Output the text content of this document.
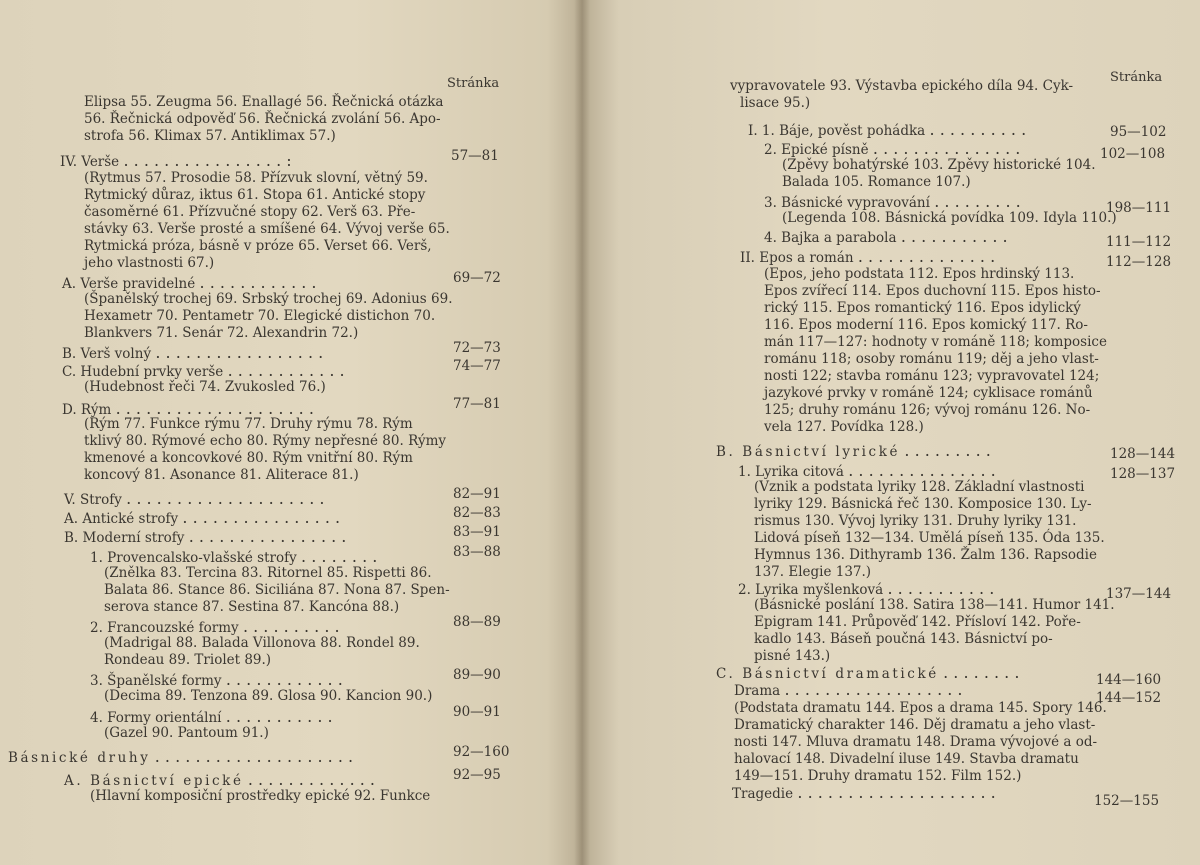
Stránka
Elipsa 55. Zeugma 56. Enallagé 56. Řečnická otázka
56. Řečnická odpověď 56. Řečnická zvolání 56. Apo-
strofa 56. Klimax 57. Antiklimax 57.)
IV. Verše . . . . . . . . . . . . . . . . :	57—81
(Rytmus 57. Prosodie 58. Přízvuk slovní, větný 59.
Rytmický důraz, iktus 61. Stopa 61. Antické stopy
časoměrné 61. Přízvučné stopy 62. Verš 63. Pře-
stávky 63. Verše prosté a smíšené 64. Vývoj verše 65.
Rytmická próza, básně v próze 65. Verset 66. Verš,
jeho vlastnosti 67.)
A. Verše pravidelné . . . . . . . . . . . .	69—72
(Španělský trochej 69. Srbský trochej 69. Adonius 69.
Hexametr 70. Pentametr 70. Elegické distichon 70.
Blankvers 71. Senár 72. Alexandrin 72.)
B. Verš volný . . . . . . . . . . . . . . . . .	72—73
C. Hudební prvky verše . . . . . . . . . . . .	74—77
(Hudebnost řeči 74. Zvukosled 76.)
D. Rým . . . . . . . . . . . . . . . . . . . .	77—81
(Rým 77. Funkce rýmu 77. Druhy rýmu 78. Rým
tklivý 80. Rýmové echo 80. Rýmy nepřesné 80. Rýmy
kmenové a koncovkové 80. Rým vnitřní 80. Rým
koncový 81. Asonance 81. Aliterace 81.)
V. Strofy . . . . . . . . . . . . . . . . . . . .	82—91
A. Antické strofy . . . . . . . . . . . . . . . .	82—83
B. Moderní strofy . . . . . . . . . . . . . . . .	83—91
1. Provencalsko-vlašské strofy . . . . . . . .	83—88
(Znělka 83. Tercina 83. Ritornel 85. Rispetti 86.
Balata 86. Stance 86. Siciliána 87. Nona 87. Spen-
serova stance 87. Sestina 87. Kancóna 88.)
2. Francouzské formy . . . . . . . . . .	88—89
(Madrigal 88. Balada Villonova 88. Rondel 89.
Rondeau 89. Triolet 89.)
3. Španělské formy . . . . . . . . . . . .	89—90
(Decima 89. Tenzona 89. Glosa 90. Kancion 90.)
4. Formy orientální . . . . . . . . . . .	90—91
(Gazel 90. Pantoum 91.)
Básnické druhy . . . . . . . . . . . . . . . . . . . .	92—160
A. Básnictví epické . . . . . . . . . . . . .	92—95
(Hlavní komposiční prostředky epické 92. Funkce
Stránka
vypravovatele 93. Výstavba epického díla 94. Cyk-
lisace 95.)
I. 1. Báje, pověst pohádka . . . . . . . . . .	95—102
2. Epické písně . . . . . . . . . . . . . . .	102—108
(Zpěvy bohatýrské 103. Zpěvy historické 104.
Balada 105. Romance 107.)
3. Básnické vypravování . . . . . . . . .	198—111
(Legenda 108. Básnická povídka 109. Idyla 110.)
4. Bajka a parabola . . . . . . . . . . .	111—112
II. Epos a román . . . . . . . . . . . . . .	112—128
(Epos, jeho podstata 112. Epos hrdinský 113.
Epos zvířecí 114. Epos duchovní 115. Epos histo-
rický 115. Epos romantický 116. Epos idylický
116. Epos moderní 116. Epos komický 117. Ro-
mán 117—127: hodnoty v románě 118; komposice
románu 118; osoby románu 119; děj a jeho vlast-
nosti 122; stavba románu 123; vypravovatel 124;
jazykové prvky v románě 124; cyklisace románů
125; druhy románu 126; vývoj románu 126. No-
vela 127. Povídka 128.)
B. Básnictví lyrické . . . . . . . . .	128—144
1. Lyrika citová . . . . . . . . . . . . . . .	128—137
(Vznik a podstata lyriky 128. Základní vlastnosti
lyriky 129. Básnická řeč 130. Komposice 130. Ly-
rismus 130. Vývoj lyriky 131. Druhy lyriky 131.
Lidová píseň 132—134. Umělá píseň 135. Óda 135.
Hymnus 136. Dithyramb 136. Žalm 136. Rapsodie
137. Elegie 137.)
2. Lyrika myšlenková . . . . . . . . . . .	137—144
(Básnické poslání 138. Satira 138—141. Humor 141.
Epigram 141. Průpověď 142. Přísloví 142. Poře-
kadlo 143. Báseň poučná 143. Básnictví po-
pisné 143.)
C. Básnictví dramatické . . . . . . . .	144—160
Drama . . . . . . . . . . . . . . . . . .	144—152
(Podstata dramatu 144. Epos a drama 145. Spory 146.
Dramatický charakter 146. Děj dramatu a jeho vlast-
nosti 147. Mluva dramatu 148. Drama vývojové a od-
halovací 148. Divadelní iluse 149. Stavba dramatu
149—151. Druhy dramatu 152. Film 152.)
Tragedie . . . . . . . . . . . . . . . . . . . .	152—155
